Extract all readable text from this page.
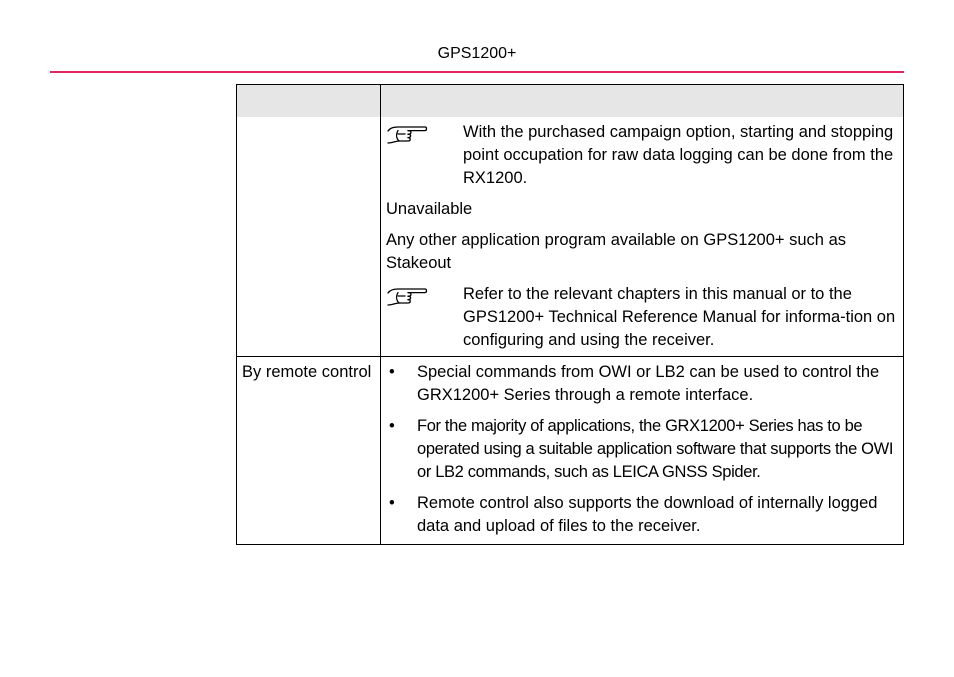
GPS1200+
With the purchased campaign option, starting and stopping point occupation for raw data logging can be done from the RX1200.
Unavailable
Any other application program available on GPS1200+ such as Stakeout
Refer to the relevant chapters in this manual or to the GPS1200+ Technical Reference Manual for informa-tion on configuring and using the receiver.
By remote control	•	Special commands from OWI or LB2 can be used to control the GRX1200+ Series through a remote interface.
•	For the majority of applications, the GRX1200+ Series has to be operated using a suitable application software that supports the OWI or LB2 commands, such as LEICA GNSS Spider.
•	Remote control also supports the download of internally logged data and upload of files to the receiver.
